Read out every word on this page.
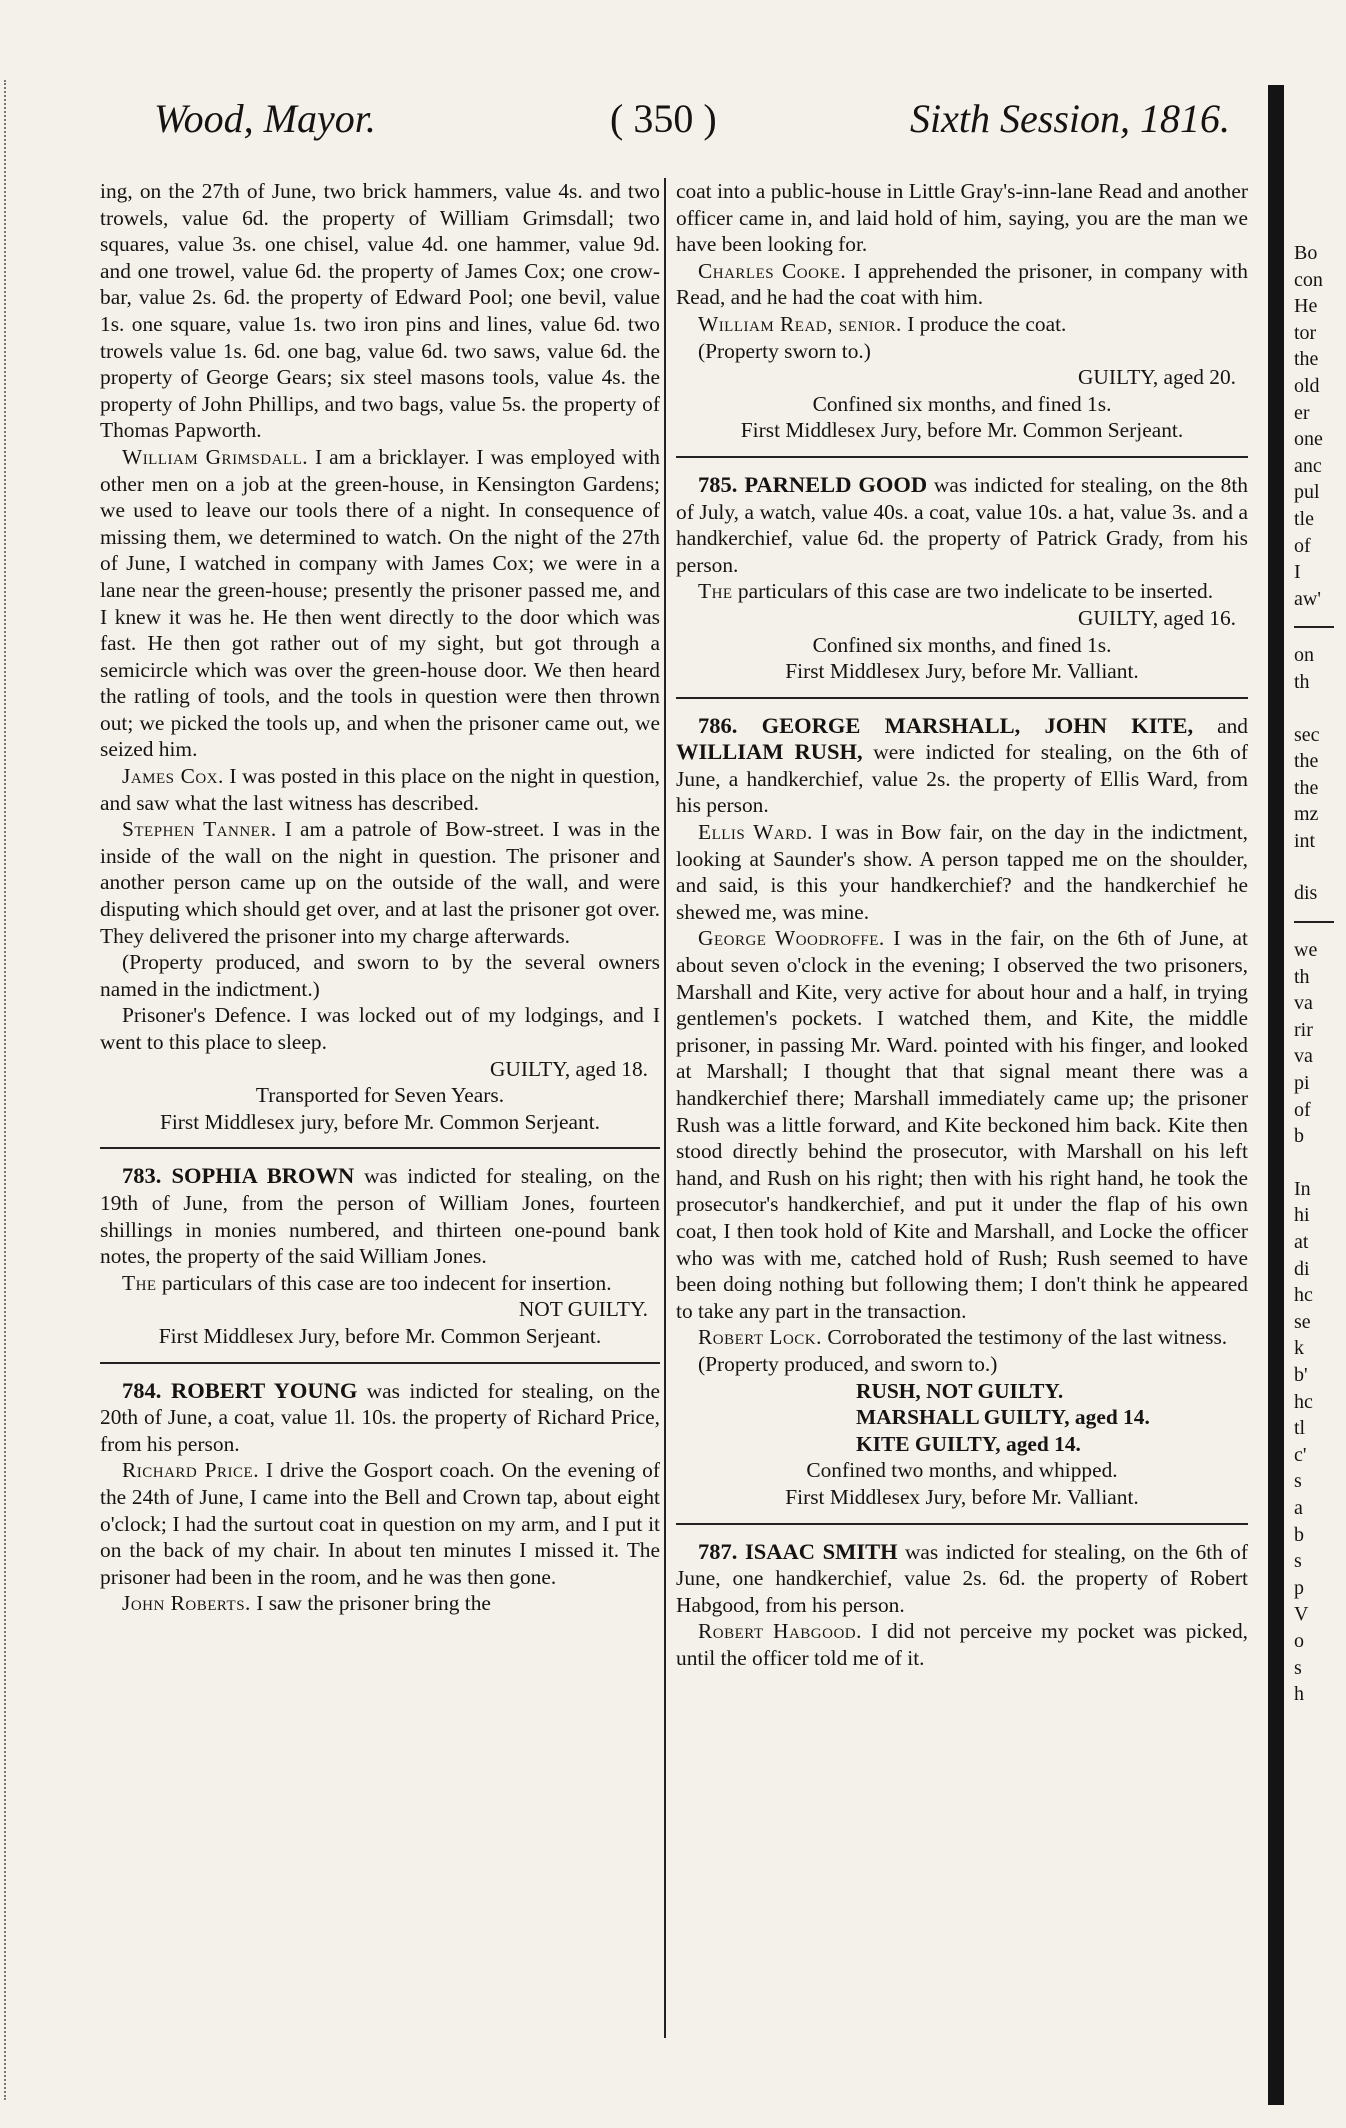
Wood, Mayor.	( 350 )	Sixth Session, 1816.

ing, on the 27th of June, two brick hammers, value 4s. and two trowels, value 6d. the property of William Grimsdall; two squares, value 3s. one chisel, value 4d. one hammer, value 9d. and one trowel, value 6d. the property of James Cox; one crow-bar, value 2s. 6d. the property of Edward Pool; one bevil, value 1s. one square, value 1s. two iron pins and lines, value 6d. two trowels value 1s. 6d. one bag, value 6d. two saws, value 6d. the property of George Gears; six steel masons tools, value 4s. the property of John Phillips, and two bags, value 5s. the property of Thomas Papworth.

William Grimsdall. I am a bricklayer. I was employed with other men on a job at the green-house, in Kensington Gardens; we used to leave our tools there of a night. In consequence of missing them, we determined to watch. On the night of the 27th of June, I watched in company with James Cox; we were in a lane near the green-house; presently the prisoner passed me, and I knew it was he. He then went directly to the door which was fast. He then got rather out of my sight, but got through a semicircle which was over the green-house door. We then heard the ratling of tools, and the tools in question were then thrown out; we picked the tools up, and when the prisoner came out, we seized him.

James Cox. I was posted in this place on the night in question, and saw what the last witness has described.

Stephen Tanner. I am a patrole of Bow-street. I was in the inside of the wall on the night in question. The prisoner and another person came up on the outside of the wall, and were disputing which should get over, and at last the prisoner got over. They delivered the prisoner into my charge afterwards.

(Property produced, and sworn to by the several owners named in the indictment.)

Prisoner's Defence. I was locked out of my lodgings, and I went to this place to sleep.

GUILTY, aged 18.

Transported for Seven Years.

First Middlesex jury, before Mr. Common Serjeant.

783. SOPHIA BROWN was indicted for stealing, on the 19th of June, from the person of William Jones, fourteen shillings in monies numbered, and thirteen one-pound bank notes, the property of the said William Jones.

The particulars of this case are too indecent for insertion.

NOT GUILTY.

First Middlesex Jury, before Mr. Common Serjeant.

784. ROBERT YOUNG was indicted for stealing, on the 20th of June, a coat, value 1l. 10s. the property of Richard Price, from his person.

Richard Price. I drive the Gosport coach. On the evening of the 24th of June, I came into the Bell and Crown tap, about eight o'clock; I had the surtout coat in question on my arm, and I put it on the back of my chair. In about ten minutes I missed it. The prisoner had been in the room, and he was then gone.

John Roberts. I saw the prisoner bring the

coat into a public-house in Little Gray's-inn-lane Read and another officer came in, and laid hold of him, saying, you are the man we have been looking for.

Charles Cooke. I apprehended the prisoner, in company with Read, and he had the coat with him.

William Read, senior. I produce the coat.

(Property sworn to.)

GUILTY, aged 20.

Confined six months, and fined 1s.

First Middlesex Jury, before Mr. Common Serjeant.

785. PARNELD GOOD was indicted for stealing, on the 8th of July, a watch, value 40s. a coat, value 10s. a hat, value 3s. and a handkerchief, value 6d. the property of Patrick Grady, from his person.

The particulars of this case are two indelicate to be inserted.

GUILTY, aged 16.

Confined six months, and fined 1s.

First Middlesex Jury, before Mr. Valliant.

786. GEORGE MARSHALL, JOHN KITE, and WILLIAM RUSH, were indicted for stealing, on the 6th of June, a handkerchief, value 2s. the property of Ellis Ward, from his person.

Ellis Ward. I was in Bow fair, on the day in the indictment, looking at Saunder's show. A person tapped me on the shoulder, and said, is this your handkerchief? and the handkerchief he shewed me, was mine.

George Woodroffe. I was in the fair, on the 6th of June, at about seven o'clock in the evening; I observed the two prisoners, Marshall and Kite, very active for about hour and a half, in trying gentlemen's pockets. I watched them, and Kite, the middle prisoner, in passing Mr. Ward. pointed with his finger, and looked at Marshall; I thought that that signal meant there was a handkerchief there; Marshall immediately came up; the prisoner Rush was a little forward, and Kite beckoned him back. Kite then stood directly behind the prosecutor, with Marshall on his left hand, and Rush on his right; then with his right hand, he took the prosecutor's handkerchief, and put it under the flap of his own coat, I then took hold of Kite and Marshall, and Locke the officer who was with me, catched hold of Rush; Rush seemed to have been doing nothing but following them; I don't think he appeared to take any part in the transaction.

Robert Lock. Corroborated the testimony of the last witness.

(Property produced, and sworn to.)

RUSH, NOT GUILTY.

MARSHALL GUILTY, aged 14.

KITE GUILTY, aged 14.

Confined two months, and whipped.

First Middlesex Jury, before Mr. Valliant.

787. ISAAC SMITH was indicted for stealing, on the 6th of June, one handkerchief, value 2s. 6d. the property of Robert Habgood, from his person.

Robert Habgood. I did not perceive my pocket was picked, until the officer told me of it.

Bo
con
He
tor
the
old
er
one
anc
pul
tle
of
I
aw'
on
th
sec
the
the
mz
int
dis
we
th
va
rir
va
pi
of
b
In
hi
at
di
hc
se
k
b'
hc
tl
c'
s
a
b
s
p
V
o
s
h
